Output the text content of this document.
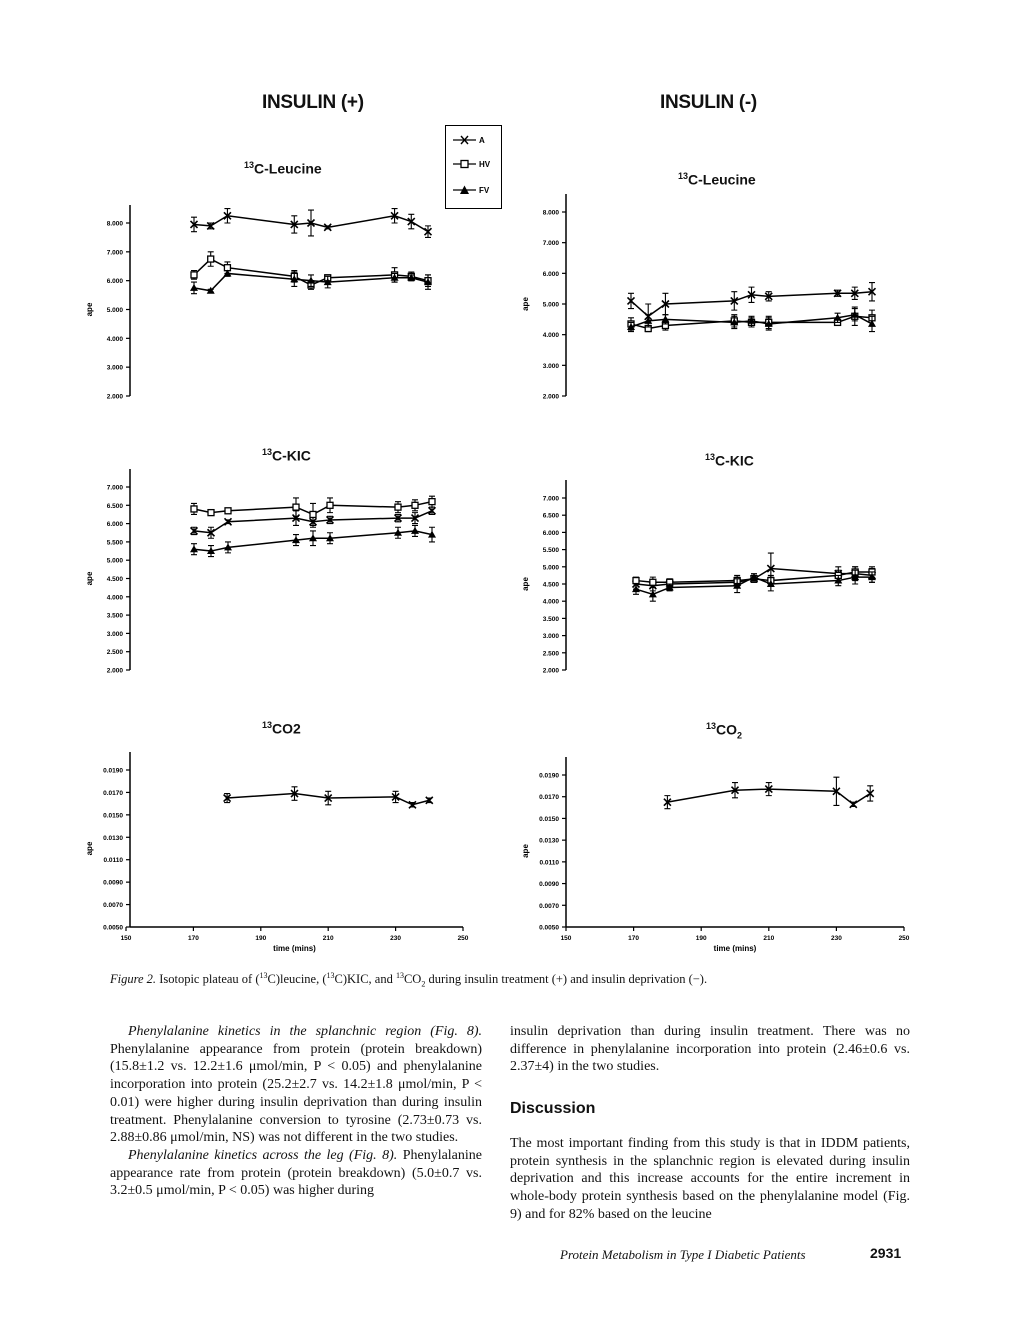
INSULIN (+)	INSULIN (-)
A
HV
FV
$^{13}$C-Leucine	$^{13}$C-Leucine
$^{13}$C-KIC	$^{13}$C-KIC
$^{13}$CO2	$^{13}CO_2$
8.000
7.000
6.000
5.000
4.000
3.000
2.000
ape
8.000
7.000
6.000
5.000
4.000
3.000
2.000
ape
7.000
6.500
6.000
5.500
5.000
4.500
4.000
3.500
3.000
2.500
2.000
ape
7.000
6.500
6.000
5.500
5.000
4.500
4.000
3.500
3.000
2.500
2.000
ape
0.0190
0.0170
0.0150
0.0130
0.0110
0.0090
0.0070
0.0050
ape
150	170	190	210	230	250
time (mins)
0.0190
0.0170
0.0150
0.0130
0.0110
0.0090
0.0070
0.0050
ape
150	170	190	210	230	250
time (mins)
Figure 2. Isotopic plateau of ($^{13}$C)leucine, ($^{13}$C)KIC, and $^{13}CO_2$ during insulin treatment (+) and insulin deprivation (−).

Phenylalanine kinetics in the splanchnic region (Fig. 8). Phenylalanine appearance from protein (protein breakdown) (15.8±1.2 vs. 12.2±1.6 μmol/min, P < 0.05) and phenylalanine incorporation into protein (25.2±2.7 vs. 14.2±1.8 μmol/min, P < 0.01) were higher during insulin deprivation than during insulin treatment. Phenylalanine conversion to tyrosine (2.73±0.73 vs. 2.88±0.86 μmol/min, NS) was not different in the two studies.

Phenylalanine kinetics across the leg (Fig. 8). Phenylalanine appearance rate from protein (protein breakdown) (5.0±0.7 vs. 3.2±0.5 μmol/min, P < 0.05) was higher during

insulin deprivation than during insulin treatment. There was no difference in phenylalanine incorporation into protein (2.46±0.6 vs. 2.37±4) in the two studies.

Discussion

The most important finding from this study is that in IDDM patients, protein synthesis in the splanchnic region is elevated during insulin deprivation and this increase accounts for the entire increment in whole-body protein synthesis based on the phenylalanine model (Fig. 9) and for 82% based on the leucine

Protein Metabolism in Type I Diabetic Patients	2931
